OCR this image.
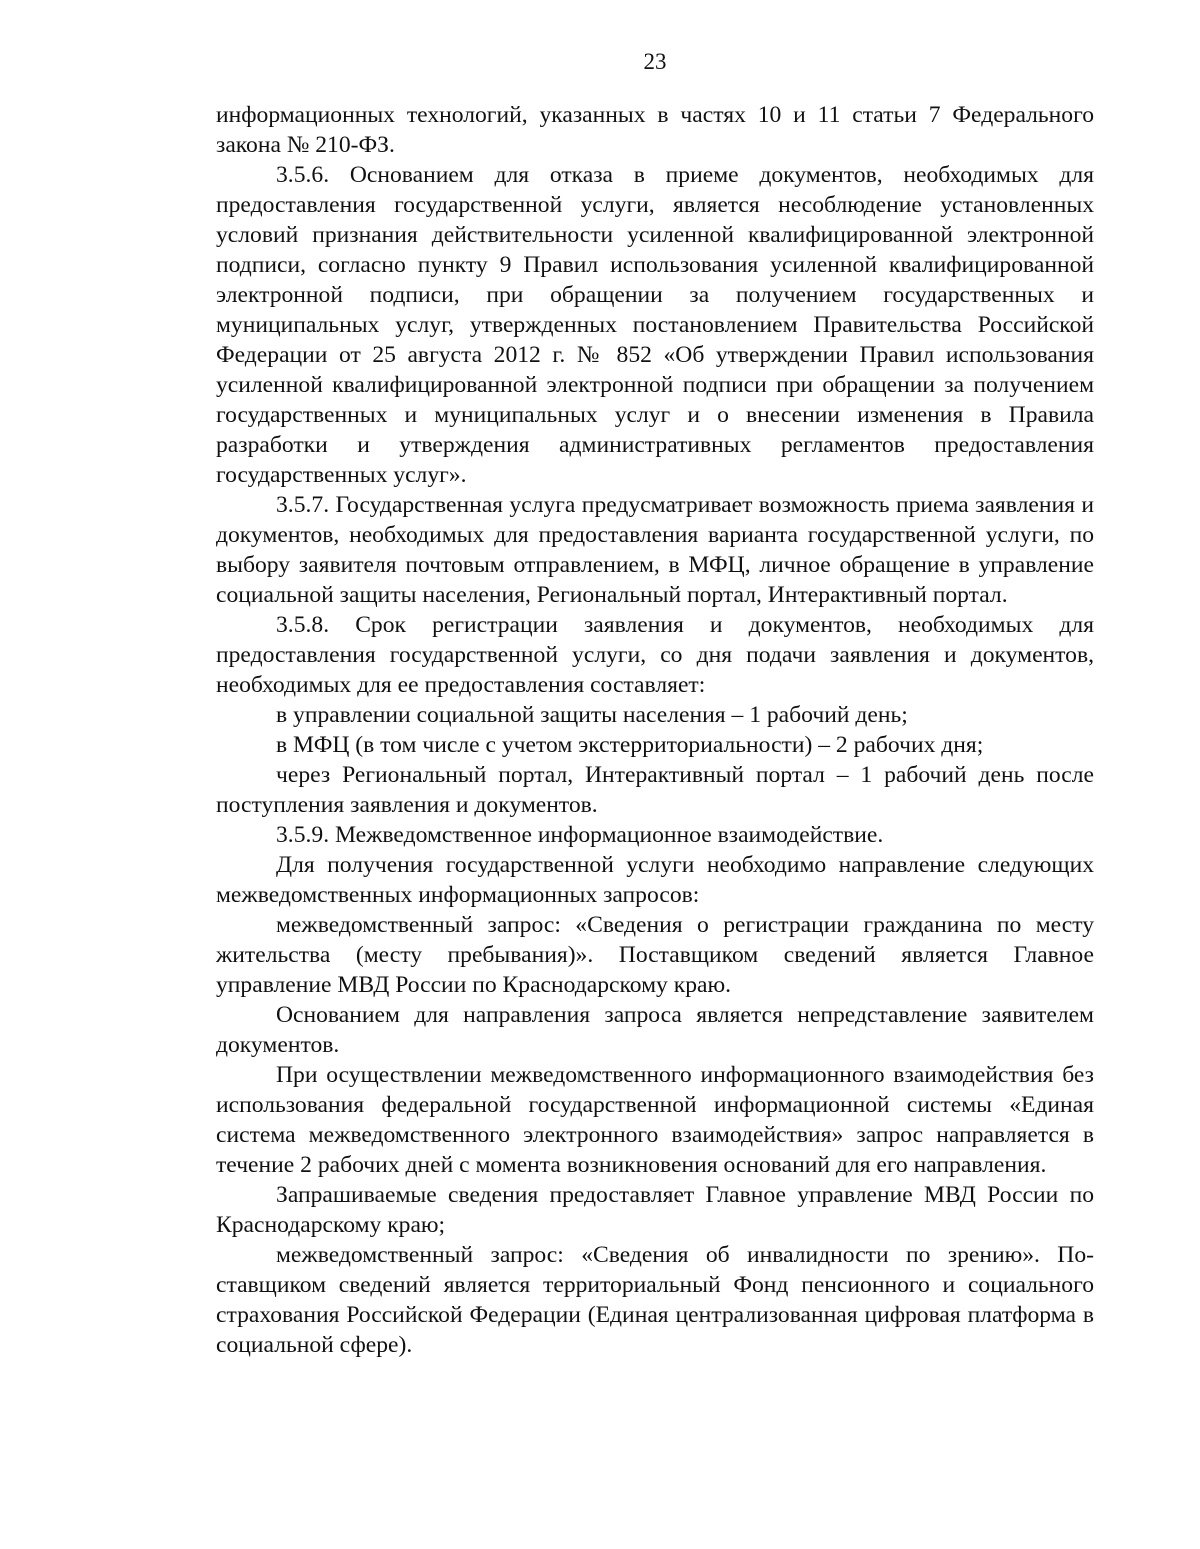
23

информационных технологий, указанных в частях 10 и 11 статьи 7 Федерального закона № 210-ФЗ.

3.5.6. Основанием для отказа в приеме документов, необходимых для предоставления государственной услуги, является несоблюдение установленных условий признания действительности усиленной квалифицированной электронной подписи, согласно пункту 9 Правил использования усиленной квалифицированной электронной подписи, при обращении за получением государственных и муниципальных услуг, утвержденных постановлением Правительства Российской Федерации от 25 августа 2012 г. № 852 «Об утверждении Правил использования усиленной квалифицированной электронной подписи при обращении за получением государственных и муниципальных услуг и о внесении изменения в Правила разработки и утверждения административных регламентов предоставления государственных услуг».

3.5.7. Государственная услуга предусматривает возможность приема заявления и документов, необходимых для предоставления варианта государственной услуги, по выбору заявителя почтовым отправлением, в МФЦ, личное обращение в управление социальной защиты населения, Региональный портал, Интерактивный портал.

3.5.8. Срок регистрации заявления и документов, необходимых для предоставления государственной услуги, со дня подачи заявления и документов, необходимых для ее предоставления составляет:

в управлении социальной защиты населения – 1 рабочий день;

в МФЦ (в том числе с учетом экстерриториальности) – 2 рабочих дня;

через Региональный портал, Интерактивный портал – 1 рабочий день после поступления заявления и документов.

3.5.9. Межведомственное информационное взаимодействие.

Для получения государственной услуги необходимо направление следующих межведомственных информационных запросов:

межведомственный запрос: «Сведения о регистрации гражданина по месту жительства (месту пребывания)». Поставщиком сведений является Главное управление МВД России по Краснодарскому краю.

Основанием для направления запроса является непредставление заявителем документов.

При осуществлении межведомственного информационного взаимодействия без использования федеральной государственной информационной системы «Единая система межведомственного электронного взаимодействия» запрос направляется в течение 2 рабочих дней с момента возникновения оснований для его направления.

Запрашиваемые сведения предоставляет Главное управление МВД России по Краснодарскому краю;

межведомственный запрос: «Сведения об инвалидности по зрению». Поставщиком сведений является территориальный Фонд пенсионного и социального страхования Российской Федерации (Единая централизованная цифровая платформа в социальной сфере).
